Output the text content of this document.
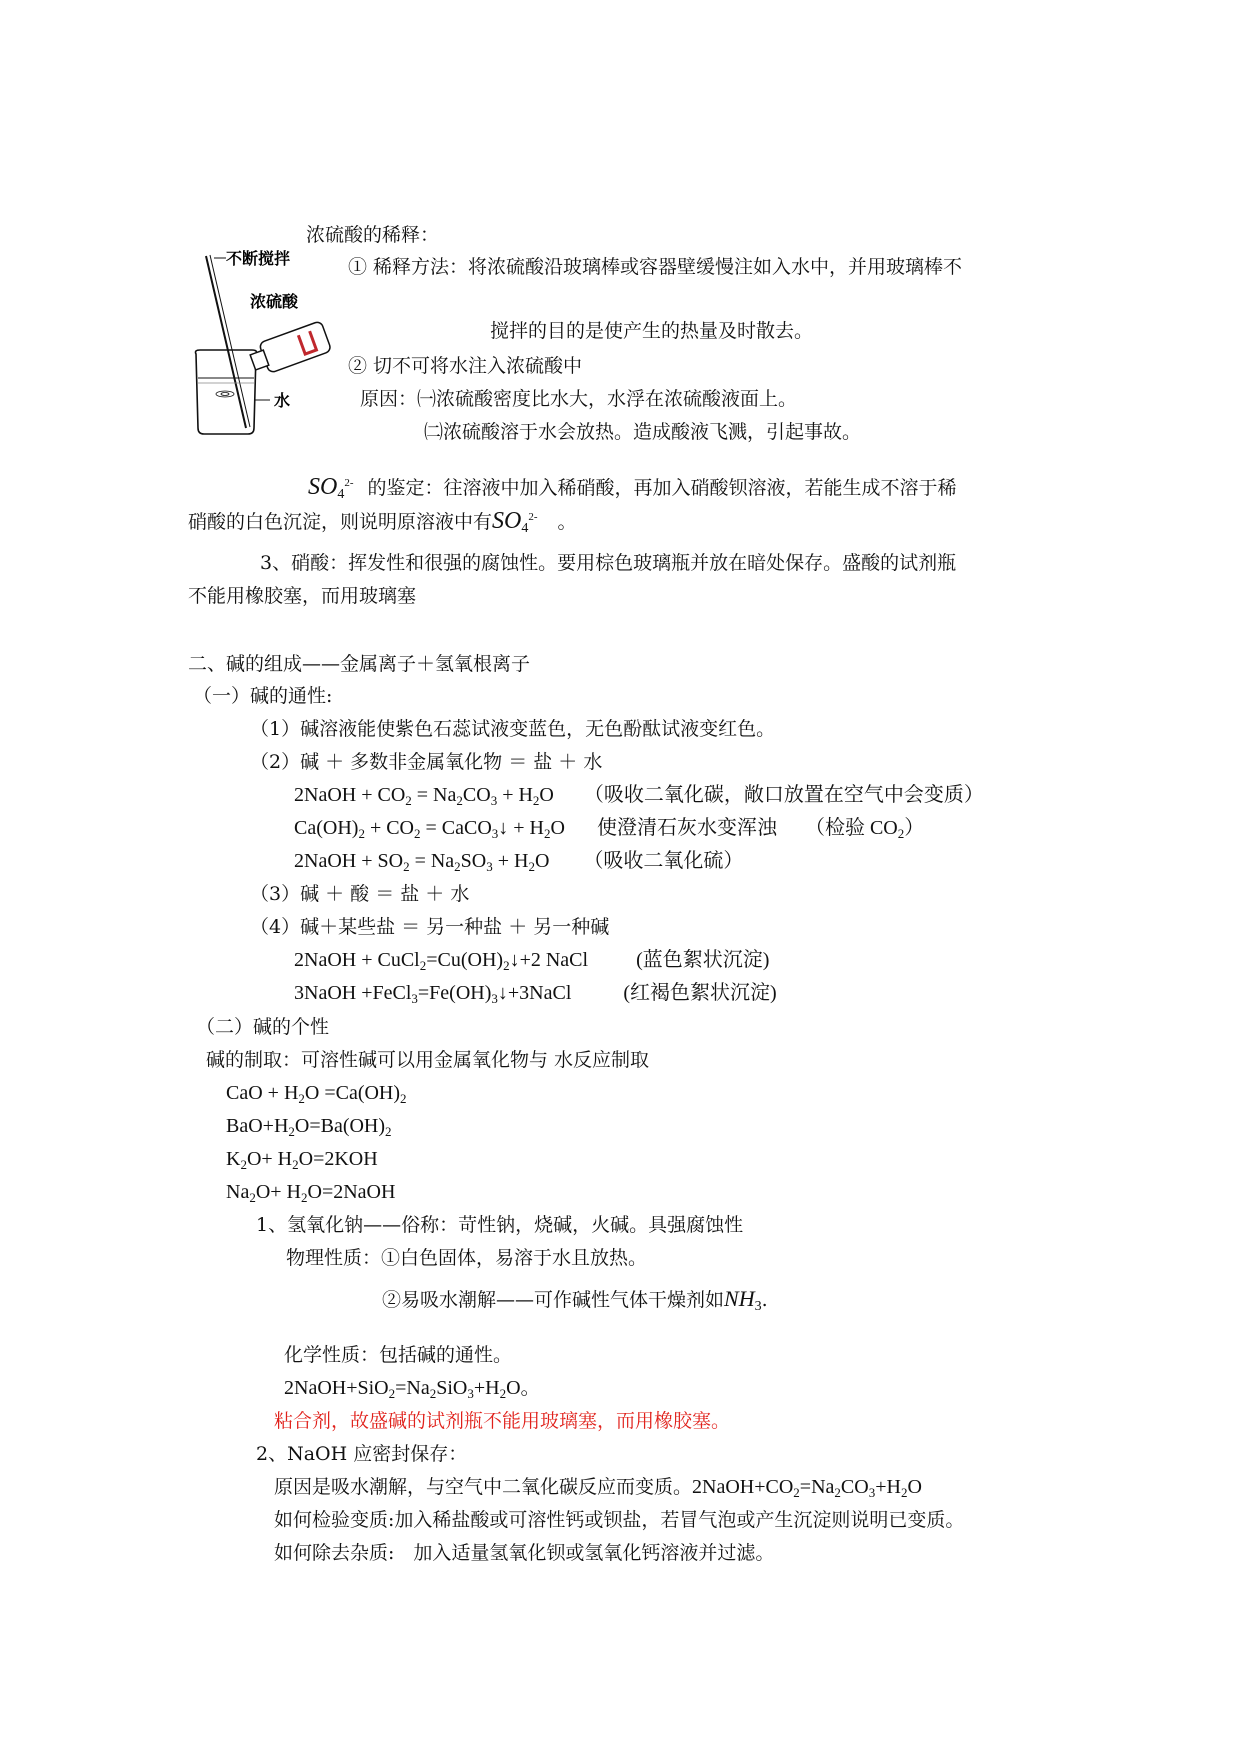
不断搅拌
浓硫酸
水
浓硫酸的稀释：
① 稀释方法：将浓硫酸沿玻璃棒或容器壁缓慢注如入水中，并用玻璃棒不
搅拌的目的是使产生的热量及时散去。
② 切不可将水注入浓硫酸中
原因：㈠浓硫酸密度比水大，水浮在浓硫酸液面上。
㈡浓硫酸溶于水会放热。造成酸液飞溅，引起事故。
$SO_4^{2-}$ 的鉴定：往溶液中加入稀硝酸，再加入硝酸钡溶液，若能生成不溶于稀
硝酸的白色沉淀，则说明原溶液中有$SO_4^{2-}$ 。
3、硝酸：挥发性和很强的腐蚀性。要用棕色玻璃瓶并放在暗处保存。盛酸的试剂瓶
不能用橡胶塞，而用玻璃塞
二、碱的组成——金属离子＋氢氧根离子
（一）碱的通性:
（1）碱溶液能使紫色石蕊试液变蓝色，无色酚酞试液变红色。
（2）碱 ＋ 多数非金属氧化物 ＝ 盐 ＋ 水
2NaOH + $CO_2 = Na_2CO_3 + H_2O$ （吸收二氧化碳，敞口放置在空气中会变质）
$Ca(OH)_2 + CO_2$ = CaCO$_3$↓ + $H_2O$ 使澄清石灰水变浑浊 （检验 $CO_2$）
2NaOH + $SO_2 = Na_2SO_3 + H_2O$ （吸收二氧化硫）
（3）碱 ＋ 酸 ＝ 盐 ＋ 水
（4）碱＋某些盐 ＝ 另一种盐 ＋ 另一种碱
2NaOH + $CuCl_2=Cu(OH)_2↓+2$ NaCl (蓝色絮状沉淀)
3NaOH $+FeCl_3=Fe(OH)_3↓+3NaCl$	(红褐色絮状沉淀)
（二）碱的个性
碱的制取：可溶性碱可以用金属氧化物与 水反应制取
CaO + $H_2O =Ca(OH)_2$
$BaO+H_2O=Ba(OH)_2$
$K_2O+ H_2O=2KOH$
$Na_2O+$ $H_2O=2NaOH$
1、氢氧化钠——俗称：苛性钠，烧碱，火碱。具强腐蚀性
物理性质：①白色固体，易溶于水且放热。
②易吸水潮解——可作碱性气体干燥剂如$NH_3$.
化学性质：包括碱的通性。
$2NaOH+SiO_2=Na_2SiO_3+H_2O$。
粘合剂，故盛碱的试剂瓶不能用玻璃塞，而用橡胶塞。
2、NaOH 应密封保存：
原因是吸水潮解，与空气中二氧化碳反应而变质。$2NaOH+CO_2=Na_2CO_3+H_2O$
如何检验变质:加入稀盐酸或可溶性钙或钡盐，若冒气泡或产生沉淀则说明已变质。
如何除去杂质:　加入适量氢氧化钡或氢氧化钙溶液并过滤。
